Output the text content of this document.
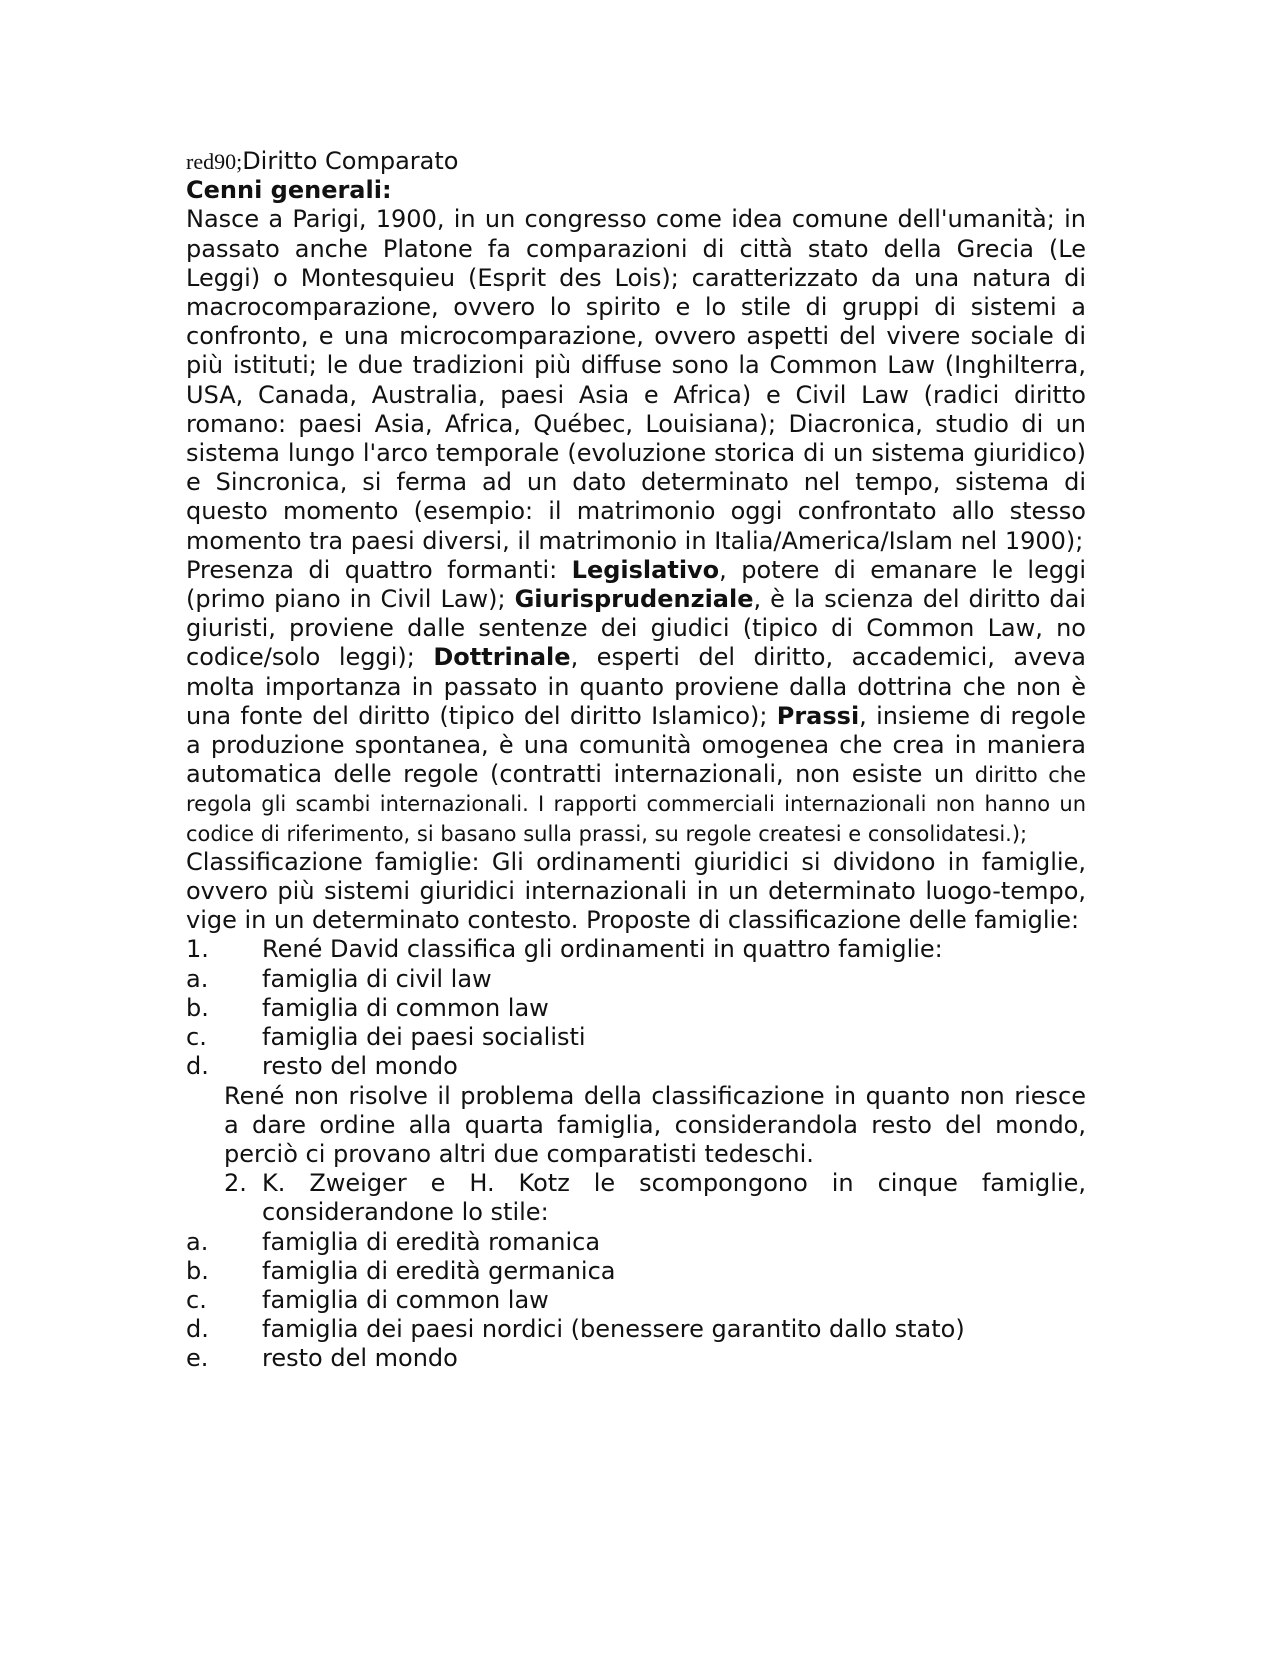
red90;Diritto Comparato
Cenni generali:
Nasce a Parigi, 1900, in un congresso come idea comune dell'umanità; in passato anche Platone fa comparazioni di città stato della Grecia (Le Leggi) o Montesquieu (Esprit des Lois); caratterizzato da una natura di macrocomparazione, ovvero lo spirito e lo stile di gruppi di sistemi a confronto, e una microcomparazione, ovvero aspetti del vivere sociale di più istituti; le due tradizioni più diffuse sono la Common Law (Inghilterra, USA, Canada, Australia, paesi Asia e Africa) e Civil Law (radici diritto romano: paesi Asia, Africa, Québec, Louisiana); Diacronica, studio di un sistema lungo l'arco temporale (evoluzione storica di un sistema giuridico) e Sincronica, si ferma ad un dato determinato nel tempo, sistema di questo momento (esempio: il matrimonio oggi confrontato allo stesso momento tra paesi diversi, il matrimonio in Italia/America/Islam nel 1900);
Presenza di quattro formanti: Legislativo, potere di emanare le leggi (primo piano in Civil Law); Giurisprudenziale, è la scienza del diritto dai giuristi, proviene dalle sentenze dei giudici (tipico di Common Law, no codice/solo leggi); Dottrinale, esperti del diritto, accademici, aveva molta importanza in passato in quanto proviene dalla dottrina che non è una fonte del diritto (tipico del diritto Islamico); Prassi, insieme di regole a produzione spontanea, è una comunità omogenea che crea in maniera automatica delle regole (contratti internazionali, non esiste un diritto che regola gli scambi internazionali. I rapporti commerciali internazionali non hanno un codice di riferimento, si basano sulla prassi, su regole createsi e consolidatesi.);
Classificazione famiglie: Gli ordinamenti giuridici si dividono in famiglie, ovvero più sistemi giuridici internazionali in un determinato luogo-tempo, vige in un determinato contesto. Proposte di classificazione delle famiglie:
1.	René David classifica gli ordinamenti in quattro famiglie:
a.	famiglia di civil law
b.	famiglia di common law
c.	famiglia dei paesi socialisti
d.	resto del mondo
René non risolve il problema della classificazione in quanto non riesce a dare ordine alla quarta famiglia, considerandola resto del mondo, perciò ci provano altri due comparatisti tedeschi.
2. K. Zweiger e H. Kotz le scompongono in cinque famiglie, considerandone lo stile:
a.	famiglia di eredità romanica
b.	famiglia di eredità germanica
c.	famiglia di common law
d.	famiglia dei paesi nordici (benessere garantito dallo stato)
e.	resto del mondo
